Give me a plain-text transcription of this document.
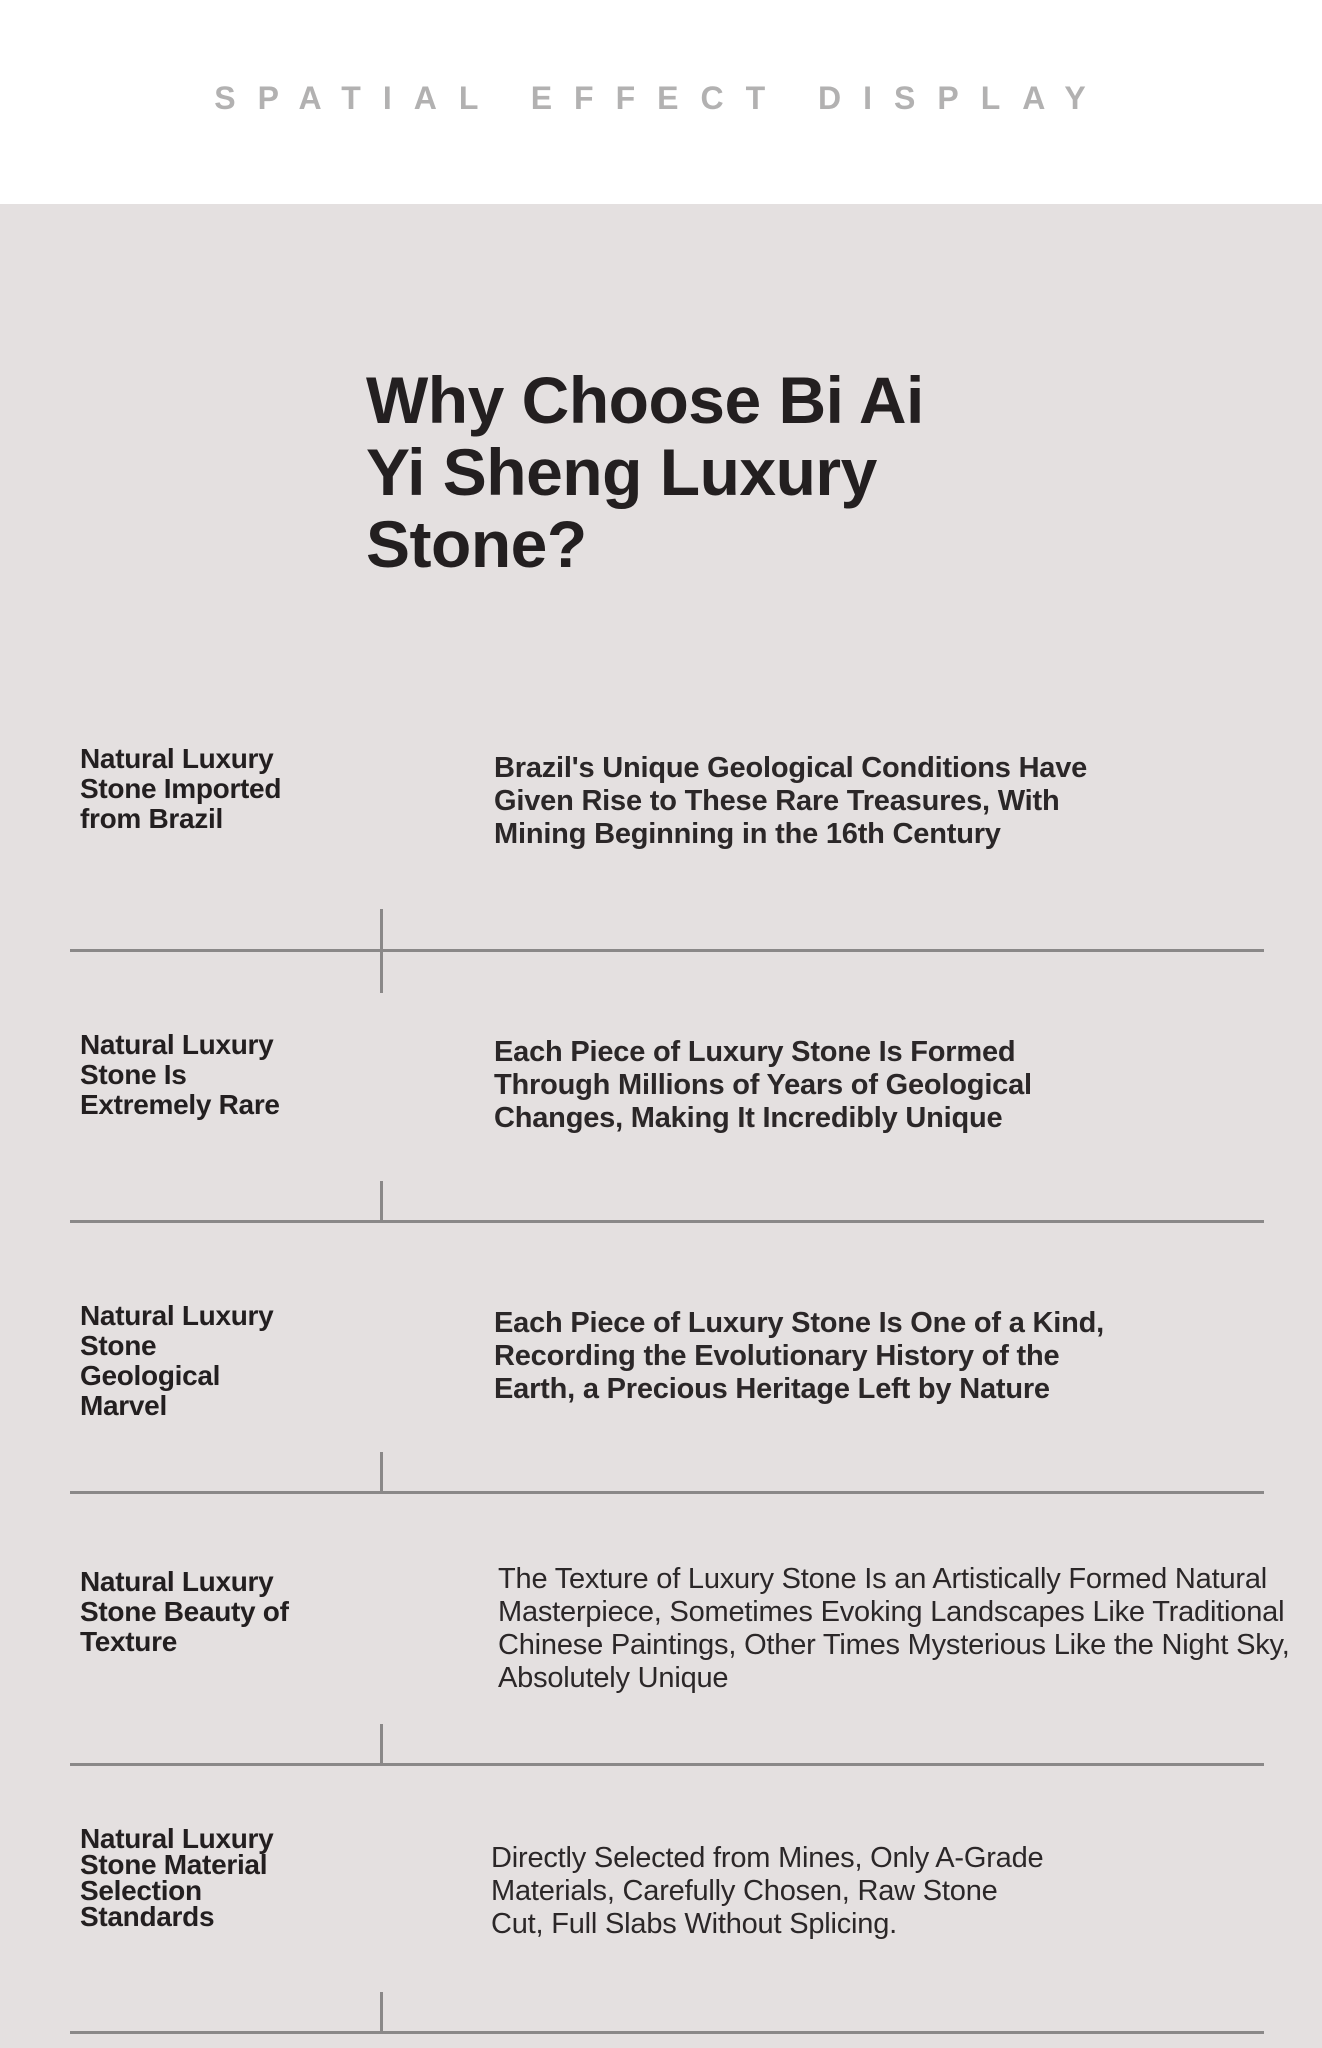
SPATIAL EFFECT DISPLAY
Why Choose Bi Ai Yi Sheng Luxury Stone?

Natural Luxury Stone Imported from Brazil

Brazil's Unique Geological Conditions Have
Given Rise to These Rare Treasures, With
Mining Beginning in the 16th Century

Natural Luxury Stone Is Extremely Rare

Each Piece of Luxury Stone Is Formed
Through Millions of Years of Geological
Changes, Making It Incredibly Unique

Natural Luxury Stone Geological Marvel

Each Piece of Luxury Stone Is One of a Kind,
Recording the Evolutionary History of the
Earth, a Precious Heritage Left by Nature

Natural Luxury Stone Beauty of Texture

The Texture of Luxury Stone Is an Artistically Formed Natural
Masterpiece, Sometimes Evoking Landscapes Like Traditional
Chinese Paintings, Other Times Mysterious Like the Night Sky,
Absolutely Unique

Natural Luxury Stone Material Selection Standards

Directly Selected from Mines, Only A-Grade
Materials, Carefully Chosen, Raw Stone
Cut, Full Slabs Without Splicing.
